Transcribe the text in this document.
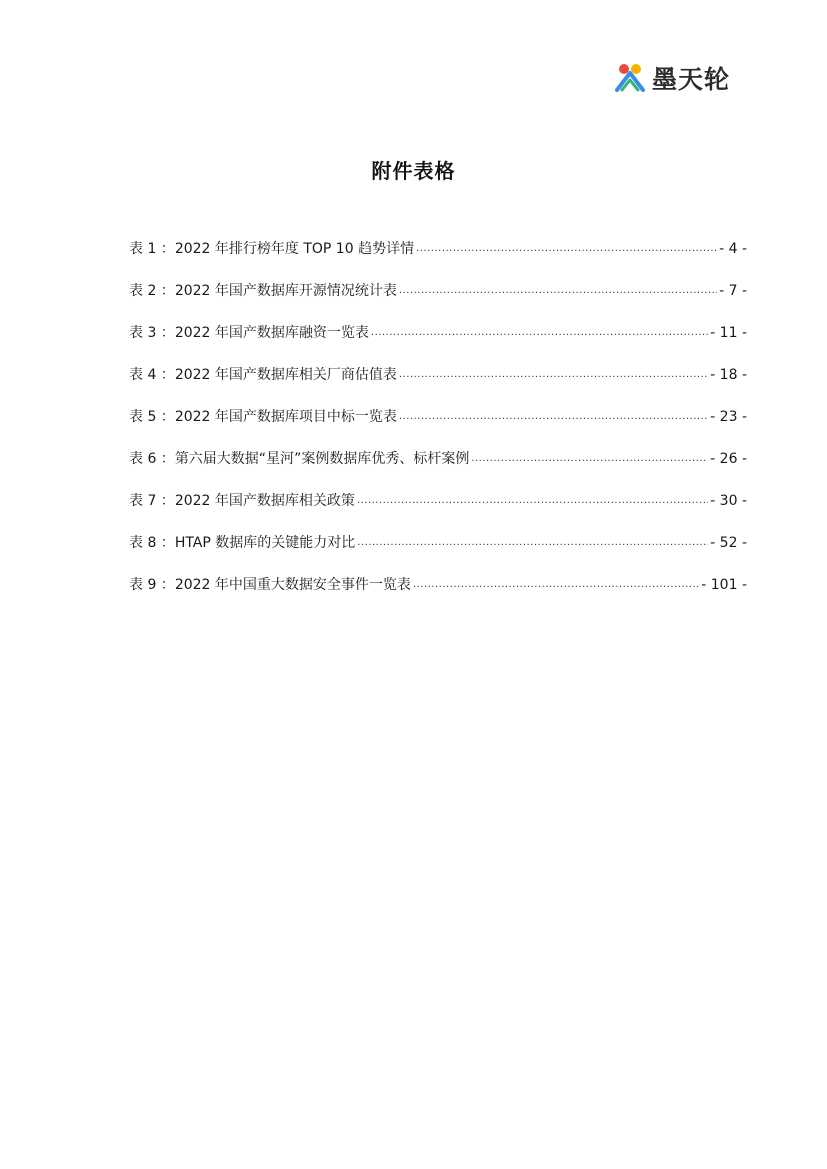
墨天轮
附件表格
表 1 ： 2022 年排行榜年度 TOP 10 趋势详情 .....	- 4 -
表 2 ： 2022 年国产数据库开源情况统计表 .....	- 7 -
表 3 ： 2022 年国产数据库融资一览表 .....	- 11 -
表 4 ： 2022 年国产数据库相关厂商估值表 .....	- 18 -
表 5 ： 2022 年国产数据库项目中标一览表 .....	- 23 -
表 6 ： 第六届大数据“星河”案例数据库优秀、标杆案例 .....	- 26 -
表 7 ： 2022 年国产数据库相关政策 .....	- 30 -
表 8 ： HTAP 数据库的关键能力对比 .....	- 52 -
表 9 ： 2022 年中国重大数据安全事件一览表 .....	- 101 -
